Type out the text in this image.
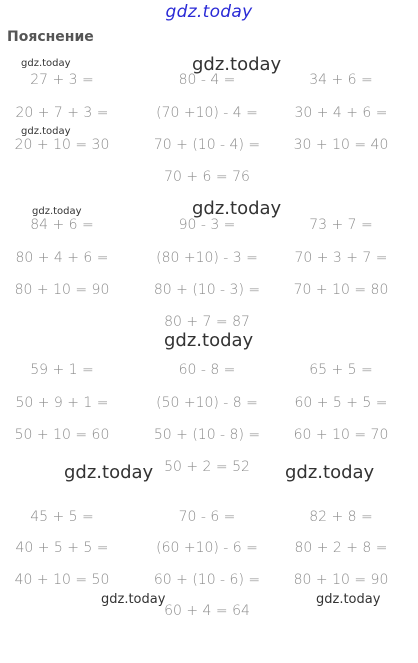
gdz.today
Пояснение
27 + 3 =	80 - 4 =	34 + 6 =
20 + 7 + 3 =	(70 +10) - 4 =	30 + 4 + 6 =
20 + 10 = 30	70 + (10 - 4) =	30 + 10 = 40
70 + 6 = 76
84 + 6 =	90 - 3 =	73 + 7 =
80 + 4 + 6 =	(80 +10) - 3 =	70 + 3 + 7 =
80 + 10 = 90	80 + (10 - 3) =	70 + 10 = 80
80 + 7 = 87
59 + 1 =	60 - 8 =	65 + 5 =
50 + 9 + 1 =	(50 +10) - 8 =	60 + 5 + 5 =
50 + 10 = 60	50 + (10 - 8) =	60 + 10 = 70
50 + 2 = 52
45 + 5 =	70 - 6 =	82 + 8 =
40 + 5 + 5 =	(60 +10) - 6 =	80 + 2 + 8 =
40 + 10 = 50	60 + (10 - 6) =	80 + 10 = 90
60 + 4 = 64
gdz.today
gdz.today
gdz.today
gdz.today
gdz.today
gdz.today
gdz.today	gdz.today
gdz.today	gdz.today
